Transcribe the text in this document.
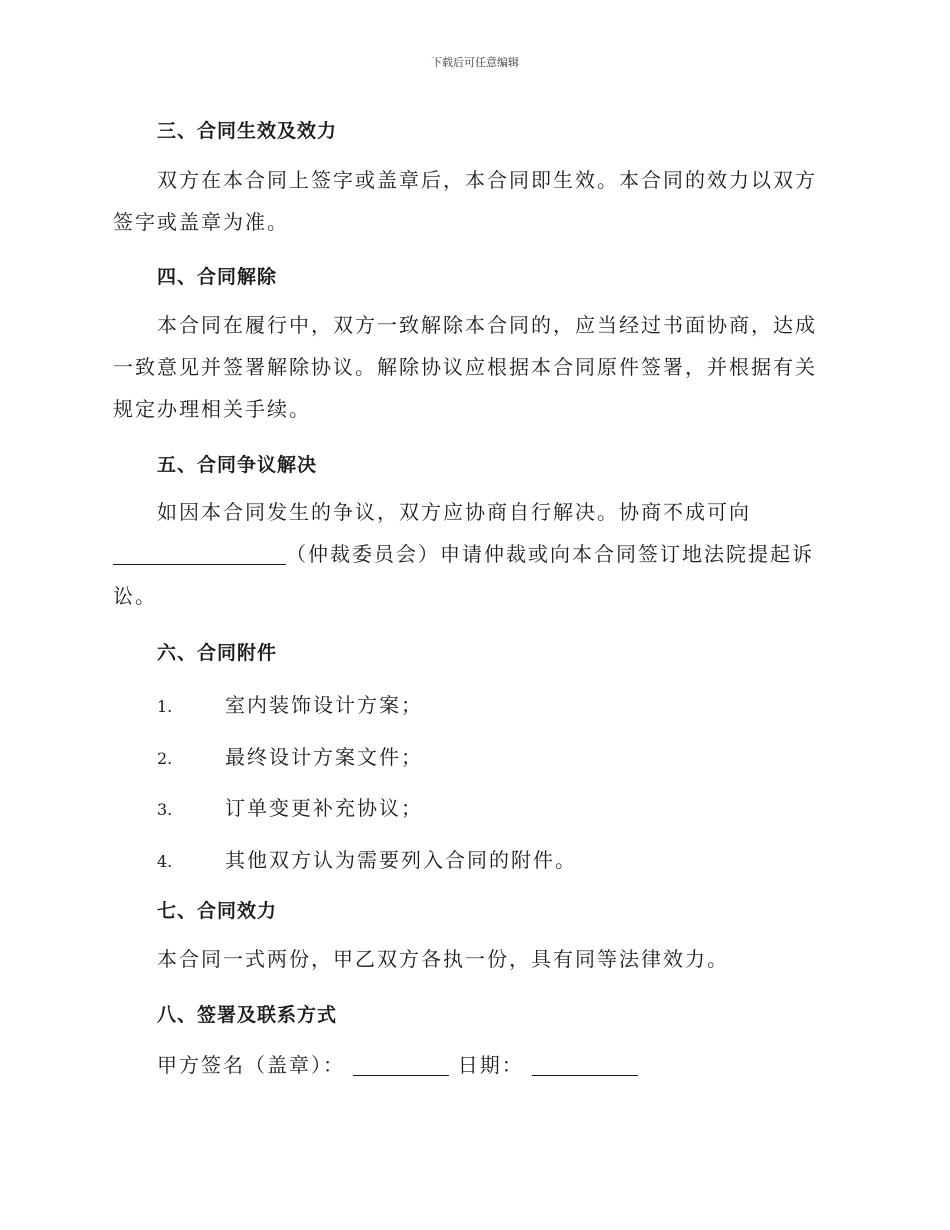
下载后可任意编辑
三、合同生效及效力
双方在本合同上签字或盖章后，本合同即生效。本合同的效力以双方签字或盖章为准。
四、合同解除
本合同在履行中，双方一致解除本合同的，应当经过书面协商，达成一致意见并签署解除协议。解除协议应根据本合同原件签署，并根据有关规定办理相关手续。
五、合同争议解决
如因本合同发生的争议，双方应协商自行解决。协商不成可向
（仲裁委员会）申请仲裁或向本合同签订地法院提起诉讼。
六、合同附件
1.	室内装饰设计方案；
2.	最终设计方案文件；
3.	订单变更补充协议；
4.	其他双方认为需要列入合同的附件。
七、合同效力
本合同一式两份，甲乙双方各执一份，具有同等法律效力。
八、签署及联系方式
甲方签名（盖章）：	日期：
